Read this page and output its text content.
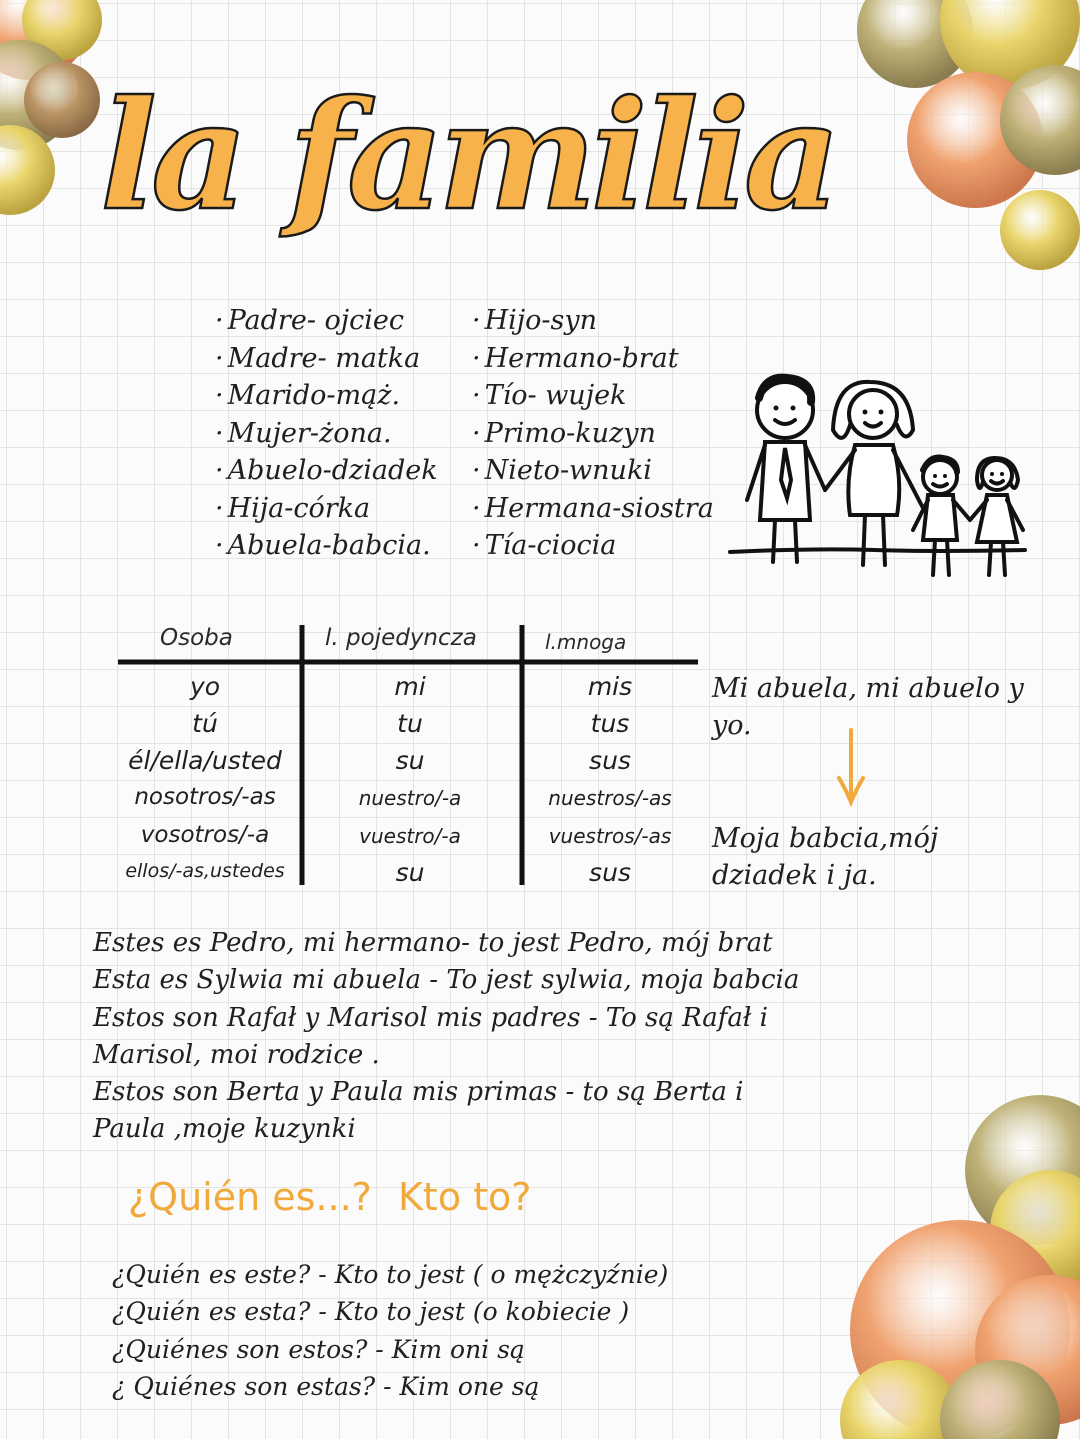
la familia
· Padre- ojciec
· Madre- matka
· Marido-mąż.
· Mujer-żona.
· Abuelo-dziadek
· Hija-córka
· Abuela-babcia.
· Hijo-syn
· Hermano-brat
· Tío- wujek
· Primo-kuzyn
· Nieto-wnuki
· Hermana-siostra
· Tía-ciocia
Osoba	l. pojedyncza	l.mnoga
yo	mi	mis
tú	tu	tus
él/ella/usted	su	sus
nosotros/-as	nuestro/-a	nuestros/-as
vosotros/-a	vuestro/-a	vuestros/-as
ellos/-as,ustedes	su	sus
Mi abuela, mi abuelo y
yo.
Moja babcia,mój
dziadek i ja.
Estes es Pedro, mi hermano- to jest Pedro, mój brat
Esta es Sylwia mi abuela - To jest sylwia, moja babcia
Estos son Rafał y Marisol mis padres - To są Rafał i
Marisol, moi rodzice .
Estos son Berta y Paula mis primas - to są Berta i
Paula ,moje kuzynki
¿Quién es...? Kto to?
¿Quién es este? - Kto to jest ( o mężczyźnie)
¿Quién es esta? - Kto to jest (o kobiecie )
¿Quiénes son estos? - Kim oni są
¿ Quiénes son estas? - Kim one są
